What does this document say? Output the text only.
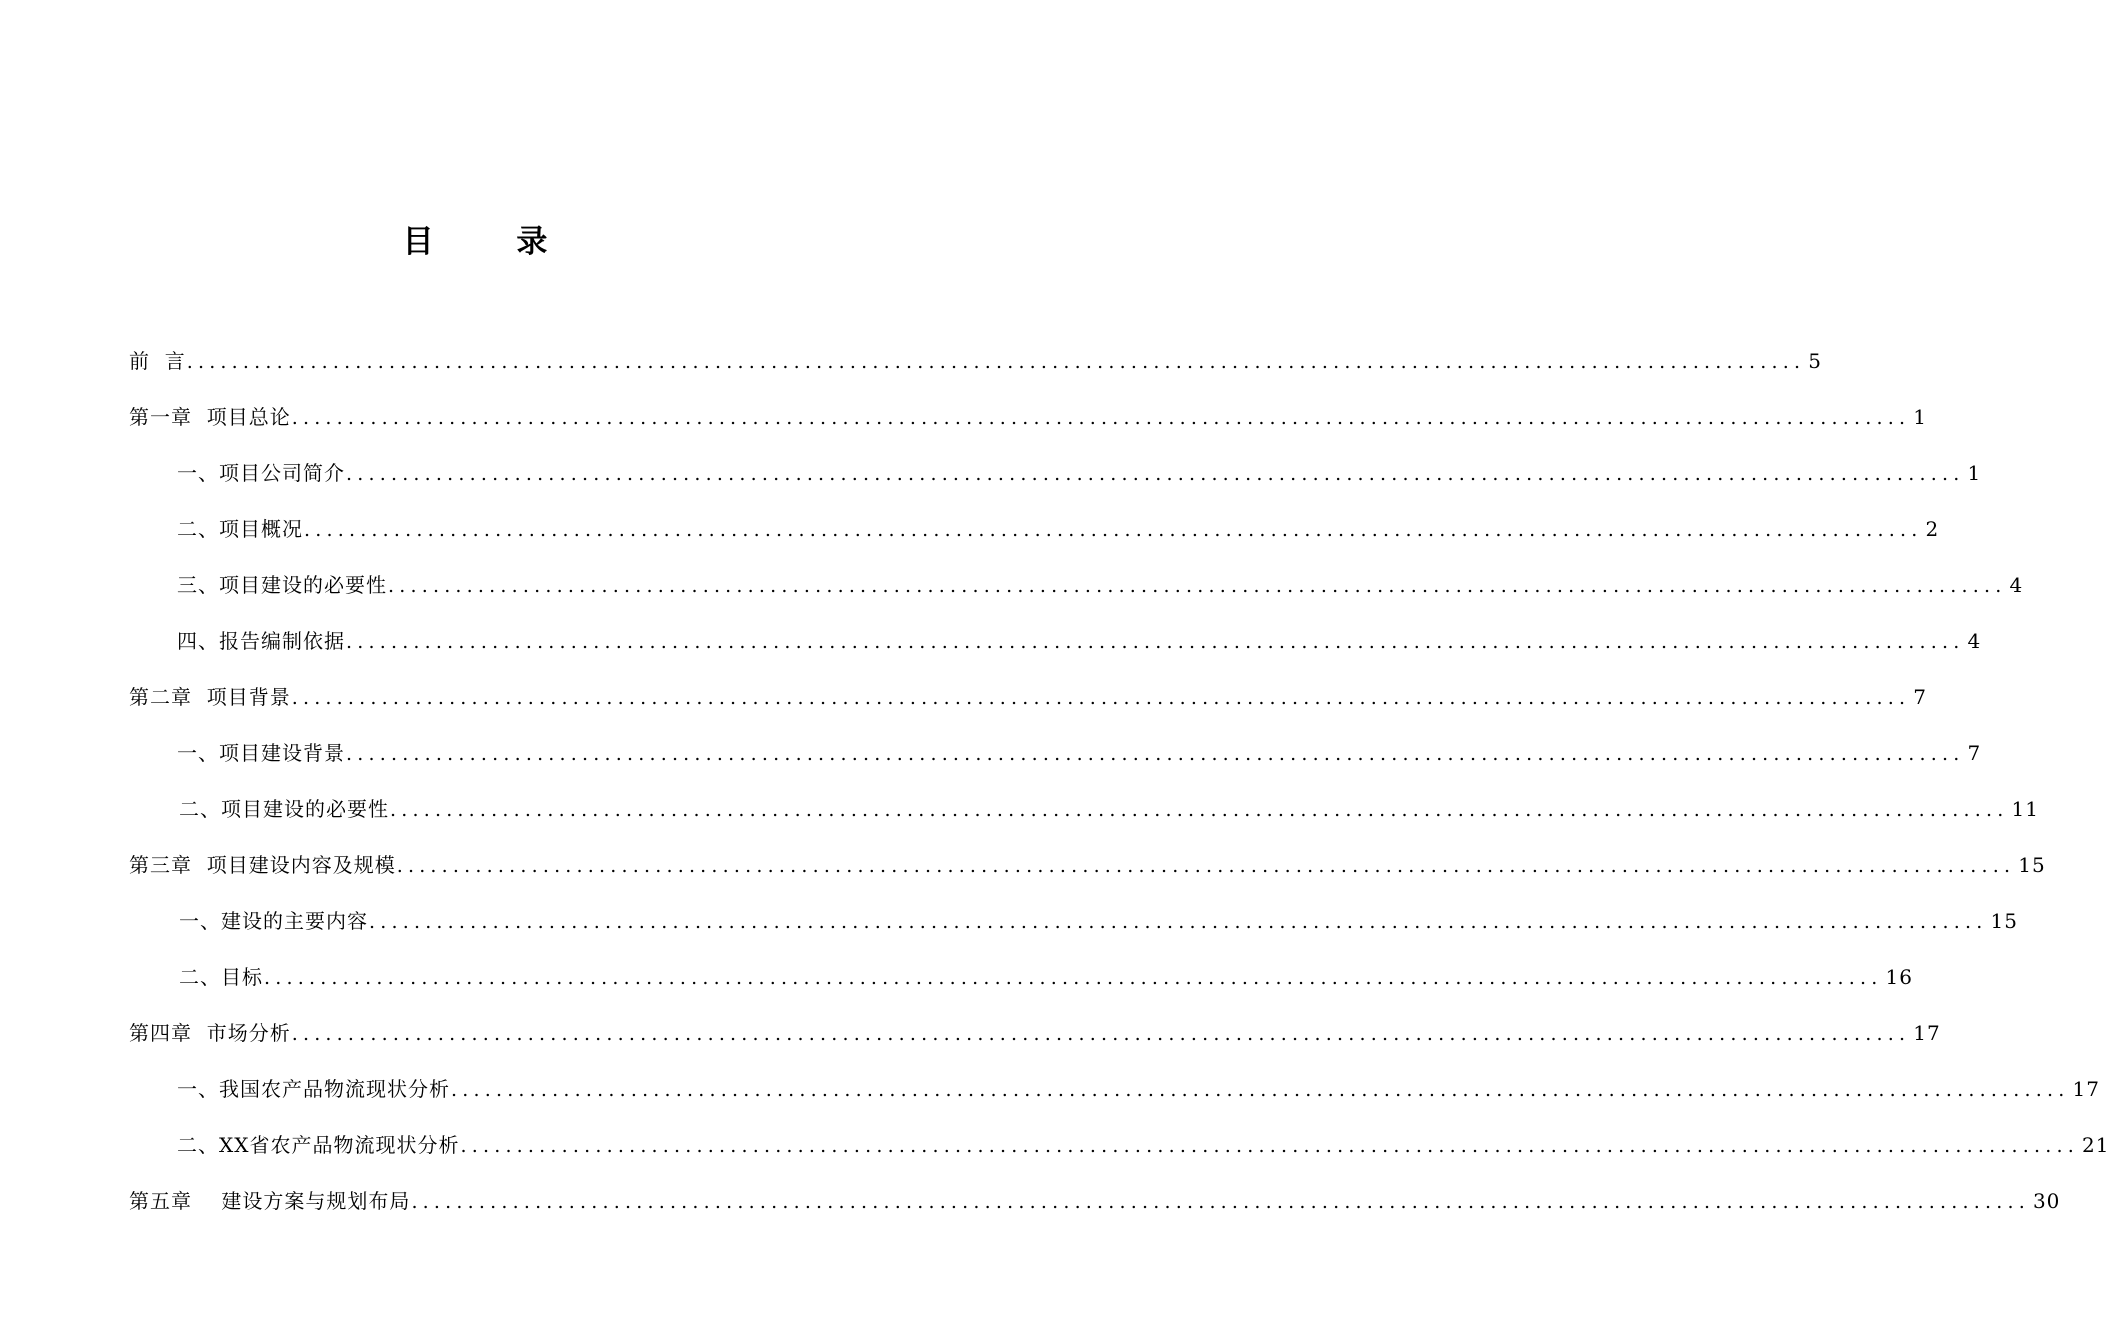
目 录
前  言 ................................................................................................................................................ 5
第一章  项目总论 ................................................................................................................................................ 1
一、项目公司简介 ................................................................................................................................................ 1
二、项目概况 ................................................................................................................................................ 2
三、项目建设的必要性 ................................................................................................................................................ 4
四、报告编制依据 ................................................................................................................................................ 4
第二章  项目背景 ................................................................................................................................................ 7
一、项目建设背景 ................................................................................................................................................ 7
二、项目建设的必要性 ................................................................................................................................................ 11
第三章  项目建设内容及规模 ................................................................................................................................................ 15
一、建设的主要内容 ................................................................................................................................................ 15
二、目标 ................................................................................................................................................ 16
第四章  市场分析 ................................................................................................................................................ 17
一、我国农产品物流现状分析 ................................................................................................................................................ 17
二、XX省农产品物流现状分析 ................................................................................................................................................ 21
第五章    建设方案与规划布局 ................................................................................................................................................ 30
